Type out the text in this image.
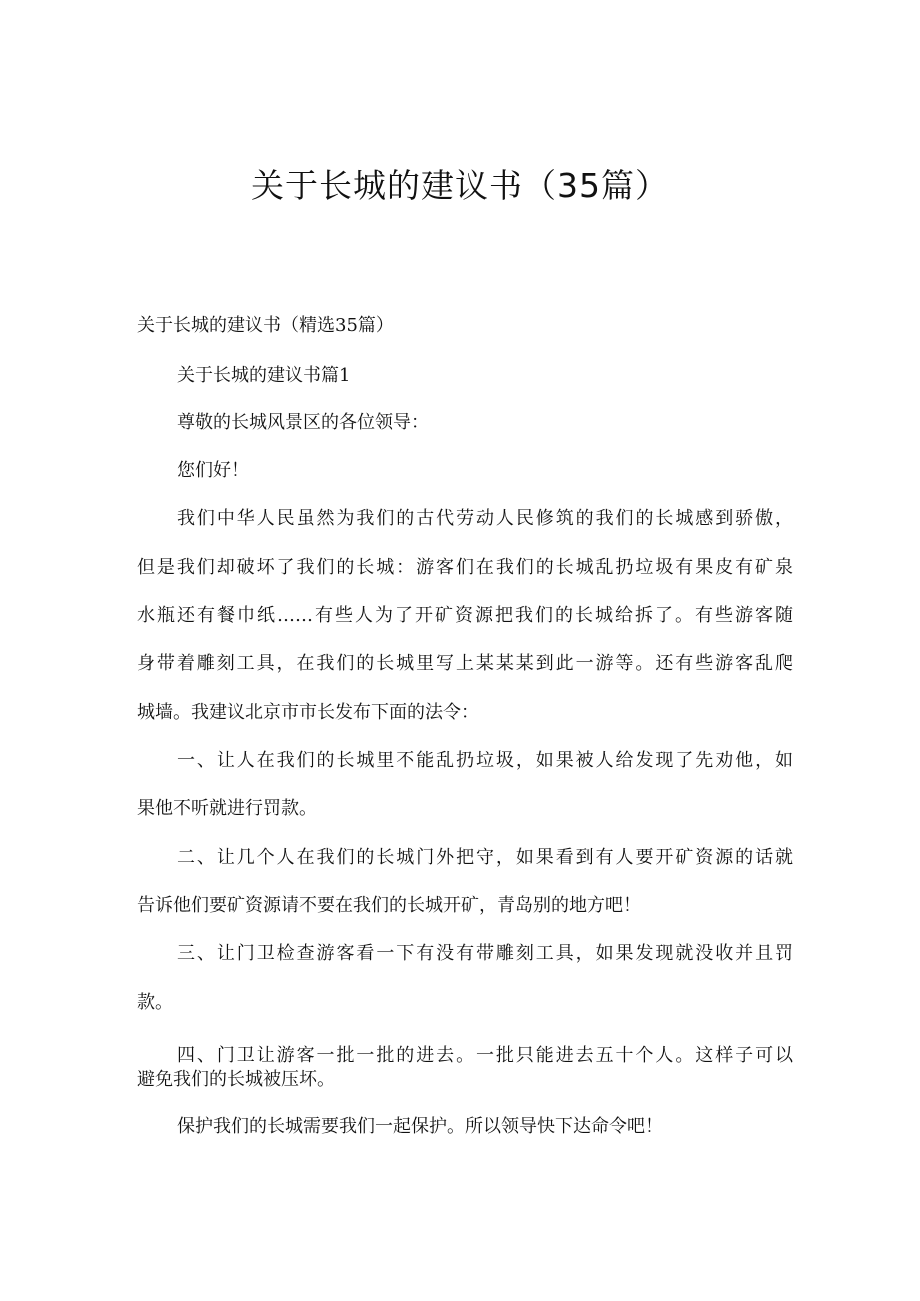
关于长城的建议书（35篇）

关于长城的建议书（精选35篇）

关于长城的建议书篇1

尊敬的长城风景区的各位领导：

您们好！

我们中华人民虽然为我们的古代劳动人民修筑的我们的长城感到骄傲，

但是我们却破坏了我们的长城：游客们在我们的长城乱扔垃圾有果皮有矿泉

水瓶还有餐巾纸……有些人为了开矿资源把我们的长城给拆了。有些游客随

身带着雕刻工具，在我们的长城里写上某某某到此一游等。还有些游客乱爬

城墙。我建议北京市市长发布下面的法令：

一、让人在我们的长城里不能乱扔垃圾，如果被人给发现了先劝他，如

果他不听就进行罚款。

二、让几个人在我们的长城门外把守，如果看到有人要开矿资源的话就

告诉他们要矿资源请不要在我们的长城开矿，青岛别的地方吧！

三、让门卫检查游客看一下有没有带雕刻工具，如果发现就没收并且罚

款。

四、门卫让游客一批一批的进去。一批只能进去五十个人。这样子可以

避免我们的长城被压坏。

保护我们的长城需要我们一起保护。所以领导快下达命令吧！
